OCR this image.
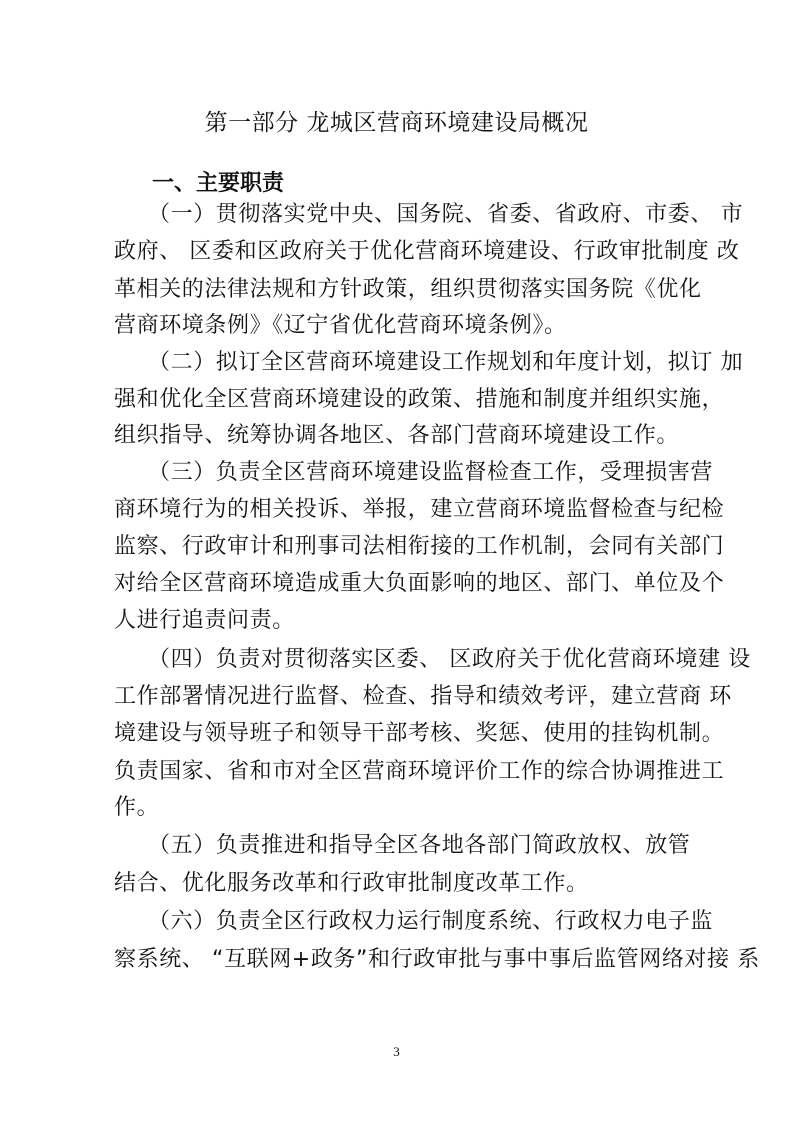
第一部分 龙城区营商环境建设局概况
一、主要职责
（一）贯彻落实党中央、国务院、省委、省政府、市委、 市
政府、 区委和区政府关于优化营商环境建设、行政审批制度 改
革相关的法律法规和方针政策，组织贯彻落实国务院《优化
营商环境条例》《辽宁省优化营商环境条例》。
（二）拟订全区营商环境建设工作规划和年度计划，拟订 加
强和优化全区营商环境建设的政策、措施和制度并组织实施，
组织指导、统筹协调各地区、各部门营商环境建设工作。
（三）负责全区营商环境建设监督检查工作，受理损害营
商环境行为的相关投诉、举报，建立营商环境监督检查与纪检
监察、行政审计和刑事司法相衔接的工作机制，会同有关部门
对给全区营商环境造成重大负面影响的地区、部门、单位及个
人进行追责问责。
（四）负责对贯彻落实区委、 区政府关于优化营商环境建 设
工作部署情况进行监督、检查、指导和绩效考评，建立营商 环
境建设与领导班子和领导干部考核、奖惩、使用的挂钩机制。
负责国家、省和市对全区营商环境评价工作的综合协调推进工
作。
（五）负责推进和指导全区各地各部门简政放权、放管
结合、优化服务改革和行政审批制度改革工作。
（六）负责全区行政权力运行制度系统、行政权力电子监
察系统、 “互联网+政务”和行政审批与事中事后监管网络对接 系
3
